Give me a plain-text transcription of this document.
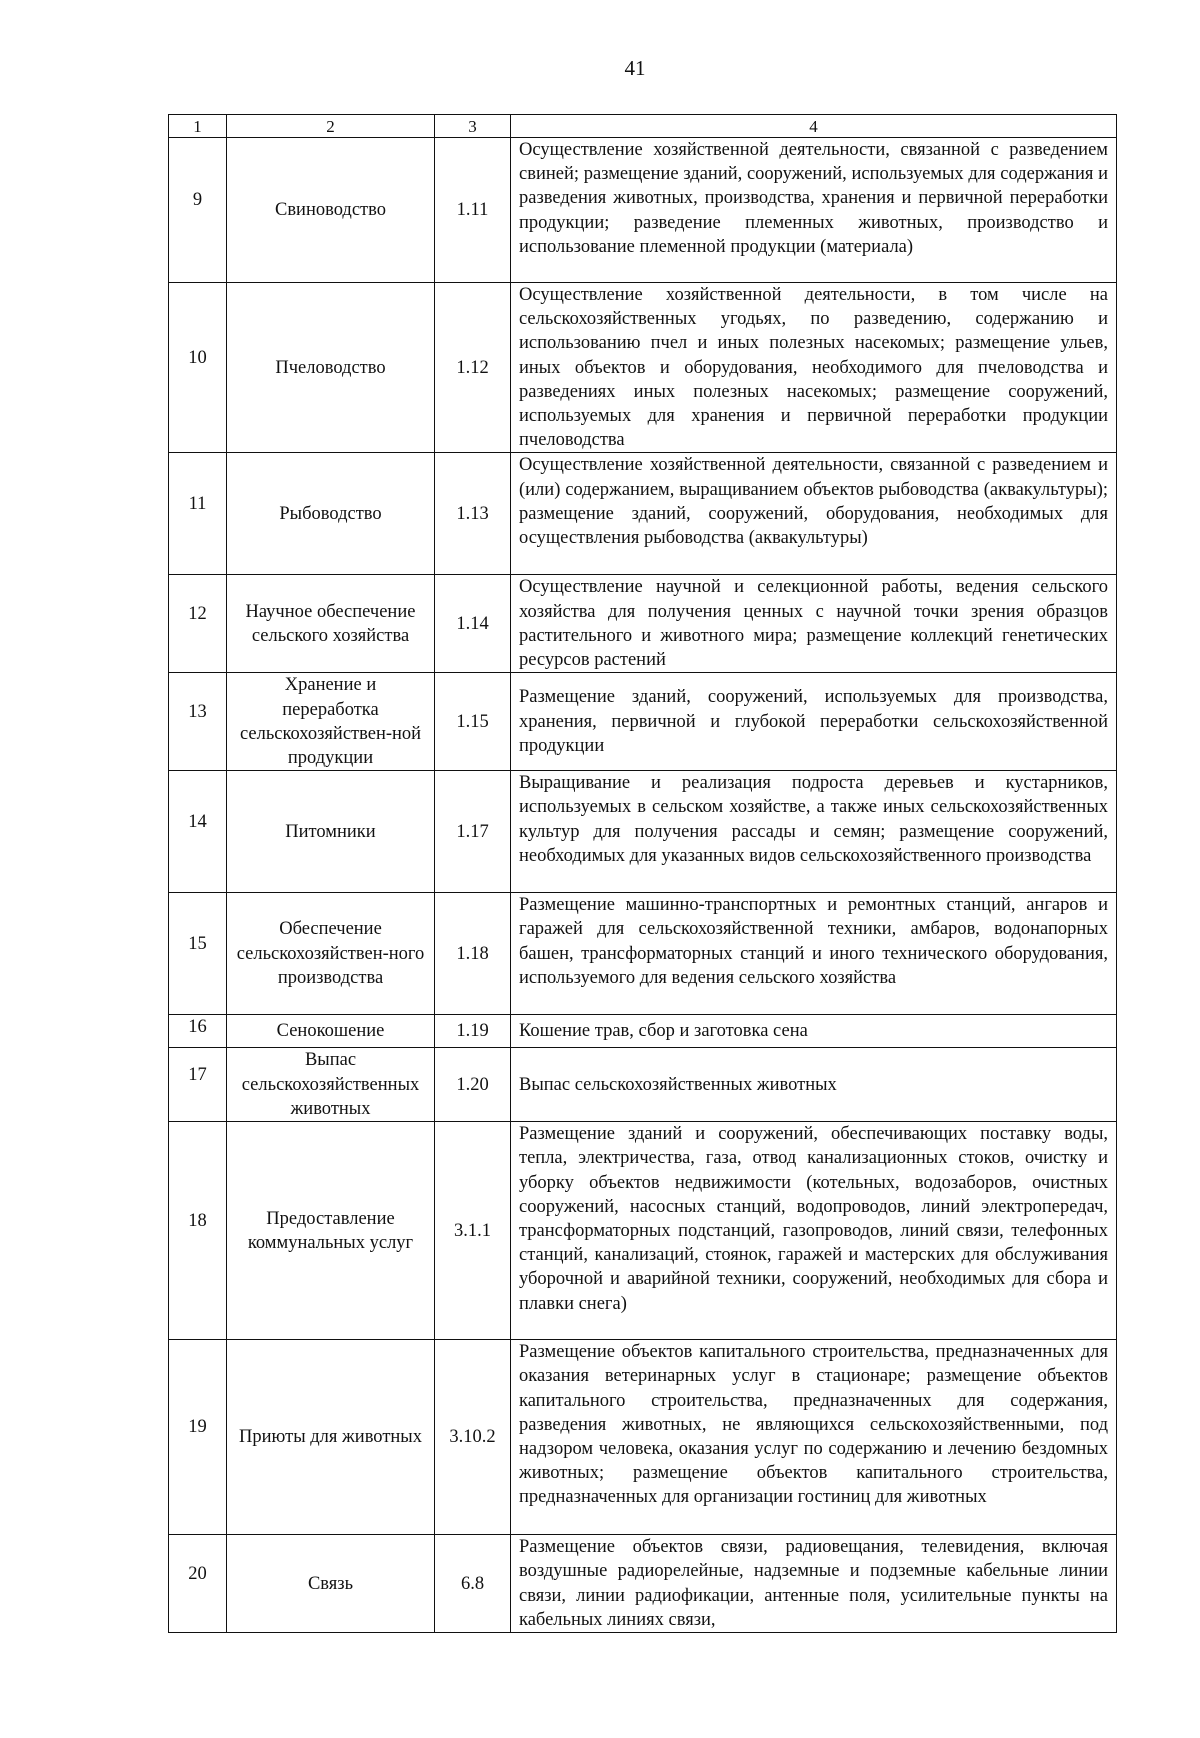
41
1	2	3	4
9	Свиноводство	1.11	Осуществление хозяйственной деятельности, связанной с разведением свиней; размещение зданий, сооружений, используемых для содержания и разведения животных, производства, хранения и первичной переработки продукции; разведение племенных животных, производство и использование племенной продукции (материала)
10	Пчеловодство	1.12	Осуществление хозяйственной деятельности, в том числе на сельскохозяйственных угодьях, по разведению, содержанию и использованию пчел и иных полезных насекомых; размещение ульев, иных объектов и оборудования, необходимого для пчеловодства и разведениях иных полезных насекомых; размещение сооружений, используемых для хранения и первичной переработки продукции пчеловодства
11	Рыбоводство	1.13	Осуществление хозяйственной деятельности, связанной с разведением и (или) содержанием, выращиванием объектов рыбоводства (аквакультуры); размещение зданий, сооружений, оборудования, необходимых для осуществления рыбоводства (аквакультуры)
12	Научное обеспечение сельского хозяйства	1.14	Осуществление научной и селекционной работы, ведения сельского хозяйства для получения ценных с научной точки зрения образцов растительного и животного мира; размещение коллекций генетических ресурсов растений
13	Хранение и переработка сельскохозяйствен-ной продукции	1.15	Размещение зданий, сооружений, используемых для производства, хранения, первичной и глубокой переработки сельскохозяйственной продукции
14	Питомники	1.17	Выращивание и реализация подроста деревьев и кустарников, используемых в сельском хозяйстве, а также иных сельскохозяйственных культур для получения рассады и семян; размещение сооружений, необходимых для указанных видов сельскохозяйственного производства
15	Обеспечение сельскохозяйствен-ного производства	1.18	Размещение машинно-транспортных и ремонтных станций, ангаров и гаражей для сельскохозяйственной техники, амбаров, водонапорных башен, трансформаторных станций и иного технического оборудования, используемого для ведения сельского хозяйства
16	Сенокошение	1.19	Кошение трав, сбор и заготовка сена
17	Выпас сельскохозяйственных животных	1.20	Выпас сельскохозяйственных животных
18	Предоставление коммунальных услуг	3.1.1	Размещение зданий и сооружений, обеспечивающих поставку воды, тепла, электричества, газа, отвод канализационных стоков, очистку и уборку объектов недвижимости (котельных, водозаборов, очистных сооружений, насосных станций, водопроводов, линий электропередач, трансформаторных подстанций, газопроводов, линий связи, телефонных станций, канализаций, стоянок, гаражей и мастерских для обслуживания уборочной и аварийной техники, сооружений, необходимых для сбора и плавки снега)
19	Приюты для животных	3.10.2	Размещение объектов капитального строительства, предназначенных для оказания ветеринарных услуг в стационаре; размещение объектов капитального строительства, предназначенных для содержания, разведения животных, не являющихся сельскохозяйственными, под надзором человека, оказания услуг по содержанию и лечению бездомных животных; размещение объектов капитального строительства, предназначенных для организации гостиниц для животных
20	Связь	6.8	Размещение объектов связи, радиовещания, телевидения, включая воздушные радиорелейные, надземные и подземные кабельные линии связи, линии радиофикации, антенные поля, усилительные пункты на кабельных линиях связи,
